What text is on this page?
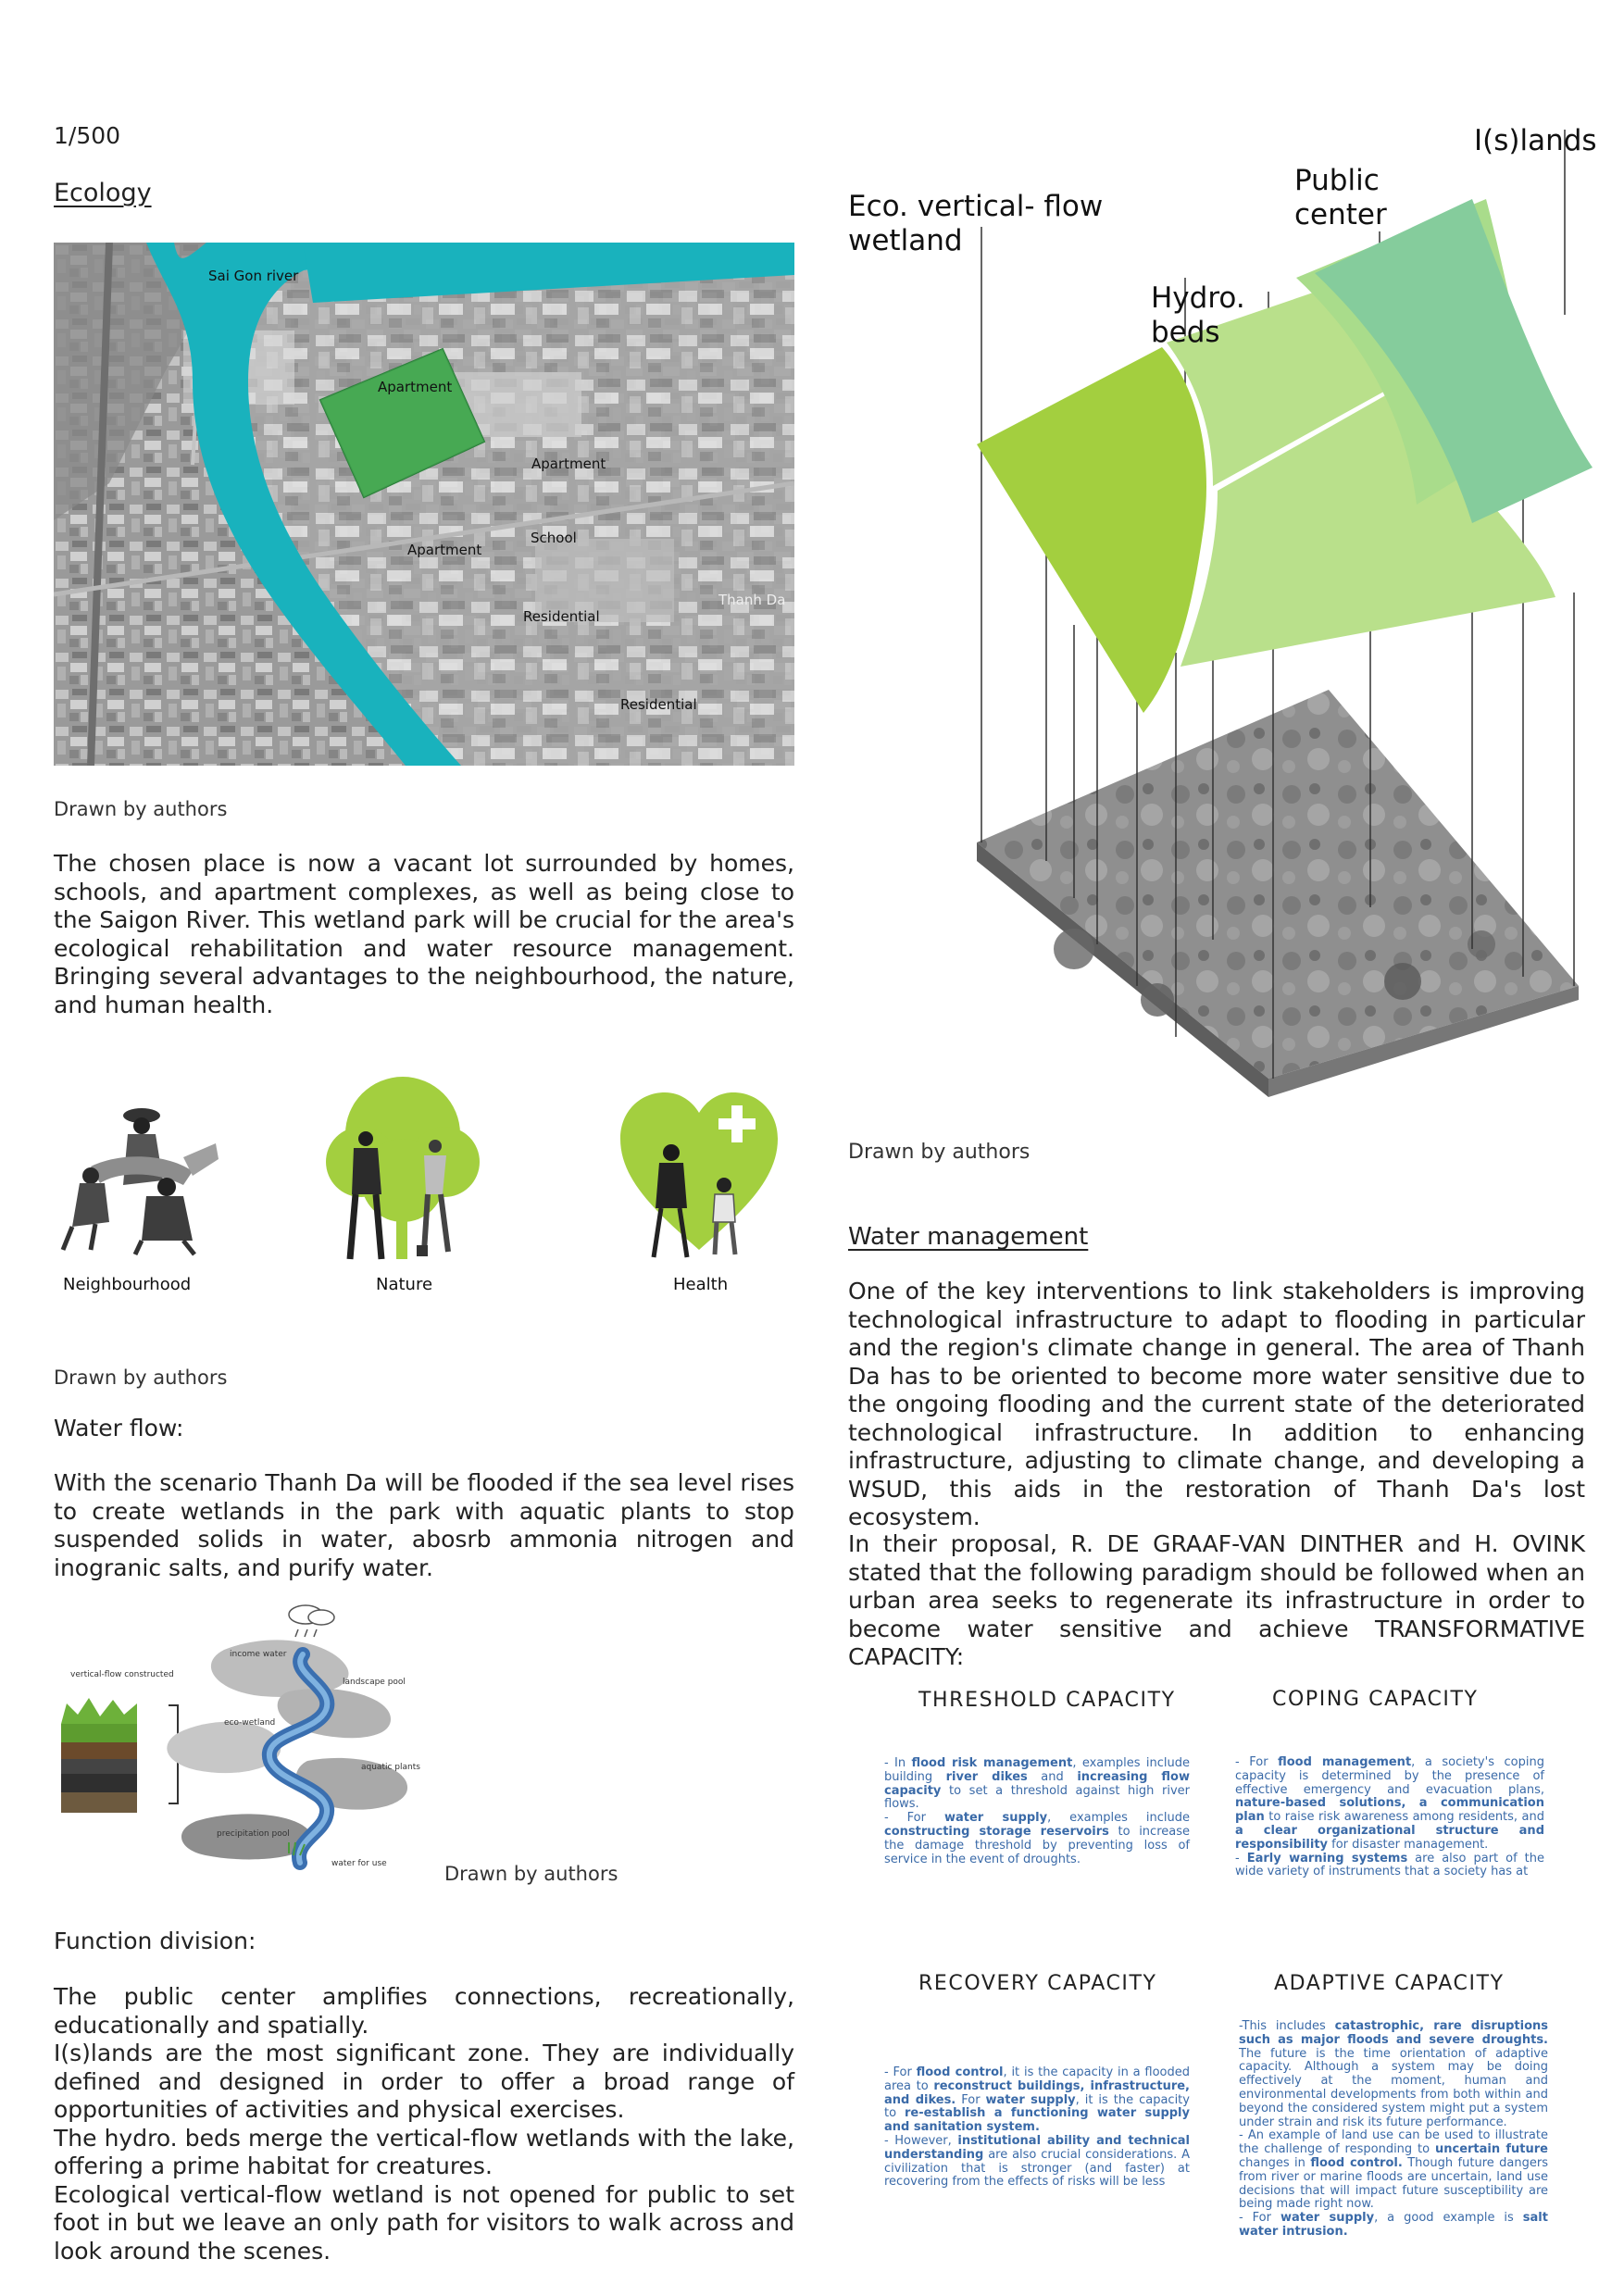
1/500
Ecology
Sai Gon river
Apartment
Apartment
Apartment
School
Residential
Residential
Thanh Da
Drawn by authors
The chosen place is now a vacant lot surrounded by homes, schools, and apartment complexes, as well as being close to the Saigon River. This wetland park will be crucial for the area's ecological rehabilitation and water resource management. Bringing several advantages to the neighbourhood, the nature, and human health.
Neighbourhood	Nature	Health
Drawn by authors
Water flow:
With the scenario Thanh Da will be flooded if the sea level rises to create wetlands in the park with aquatic plants to stop suspended solids in water, abosrb ammonia nitrogen and inogranic salts, and purify water.
vertical-flow constructed
income water
landscape pool
eco-wetland
aquatic plants
precipitation pool
water for use	Drawn by authors
Function division:
The public center amplifies connections, recreationally, educationally and spatially.
I(s)lands are the most significant zone. They are individually defined and designed in order to offer a broad range of opportunities of activities and physical exercises.
The hydro. beds merge the vertical-flow wetlands with the lake, offering a prime habitat for creatures.
Ecological vertical-flow wetland is not opened for public to set foot in but we leave an only path for visitors to walk across and look around the scenes.
Eco. vertical- flow
wetland
Hydro.
beds
Public
center
I(s)lands
Drawn by authors
Water management
One of the key interventions to link stakeholders is improving technological infrastructure to adapt to flooding in particular and the region's climate change in general. The area of Thanh Da has to be oriented to become more water sensitive due to the ongoing flooding and the current state of the deteriorated technological infrastructure. In addition to enhancing infrastructure, adjusting to climate change, and developing a WSUD, this aids in the restoration of Thanh Da's lost ecosystem.
In their proposal, R. DE GRAAF-VAN DINTHER and H. OVINK stated that the following paradigm should be followed when an urban area seeks to regenerate its infrastructure in order to become water sensitive and achieve TRANSFORMATIVE CAPACITY:
THRESHOLD CAPACITY
- In flood risk management, examples include building river dikes and increasing flow capacity to set a threshold against high river flows.
- For water supply, examples include constructing storage reservoirs to increase the damage threshold by preventing loss of service in the event of droughts.
COPING CAPACITY
- For flood management, a society's coping capacity is determined by the presence of effective emergency and evacuation plans, nature-based solutions, a communication plan to raise risk awareness among residents, and a clear organizational structure and responsibility for disaster management.
- Early warning systems are also part of the wide variety of instruments that a society has at
RECOVERY CAPACITY
- For flood control, it is the capacity in a flooded area to reconstruct buildings, infrastructure, and dikes. For water supply, it is the capacity to re-establish a functioning water supply and sanitation system.
- However, institutional ability and technical understanding are also crucial considerations. A civilization that is stronger (and faster) at recovering from the effects of risks will be less
ADAPTIVE CAPACITY
-This includes catastrophic, rare disruptions such as major floods and severe droughts. The future is the time orientation of adaptive capacity. Although a system may be doing effectively at the moment, human and environmental developments from both within and beyond the considered system might put a system under strain and risk its future performance.
- An example of land use can be used to illustrate the challenge of responding to uncertain future changes in flood control. Though future dangers from river or marine floods are uncertain, land use decisions that will impact future susceptibility are being made right now.
- For water supply, a good example is salt water intrusion.
